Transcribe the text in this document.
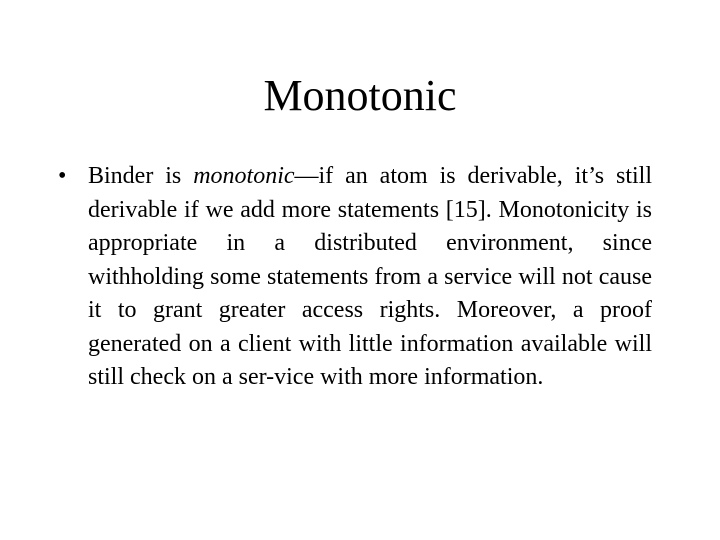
Monotonic
• Binder is monotonic—if an atom is derivable, it’s still derivable if we add more statements [15]. Monotonicity is appropriate in a distributed environment, since withholding some statements from a service will not cause it to grant greater access rights. Moreover, a proof generated on a client with little information available will still check on a ser-vice with more information.
